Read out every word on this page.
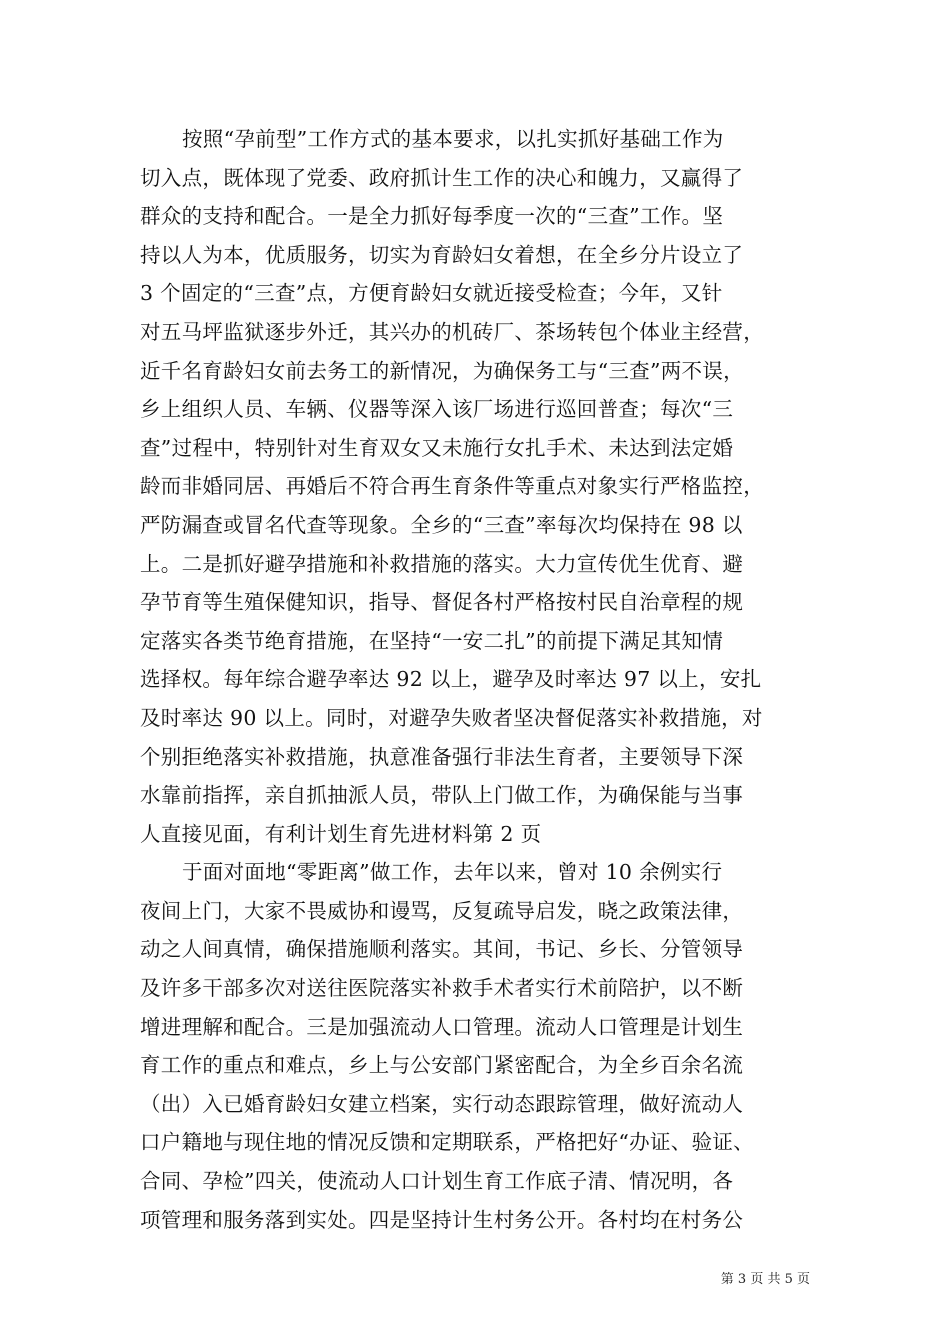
按照“孕前型”工作方式的基本要求，以扎实抓好基础工作为
切入点，既体现了党委、政府抓计生工作的决心和魄力，又赢得了
群众的支持和配合。一是全力抓好每季度一次的“三查”工作。坚
持以人为本，优质服务，切实为育龄妇女着想，在全乡分片设立了
3 个固定的“三查”点，方便育龄妇女就近接受检查；今年，又针
对五马坪监狱逐步外迁，其兴办的机砖厂、茶场转包个体业主经营，
近千名育龄妇女前去务工的新情况，为确保务工与“三查”两不误，
乡上组织人员、车辆、仪器等深入该厂场进行巡回普查；每次“三
查”过程中，特别针对生育双女又未施行女扎手术、未达到法定婚
龄而非婚同居、再婚后不符合再生育条件等重点对象实行严格监控，
严防漏查或冒名代查等现象。全乡的“三查”率每次均保持在 98 以
上。二是抓好避孕措施和补救措施的落实。大力宣传优生优育、避
孕节育等生殖保健知识，指导、督促各村严格按村民自治章程的规
定落实各类节绝育措施，在坚持“一安二扎”的前提下满足其知情
选择权。每年综合避孕率达 92 以上，避孕及时率达 97 以上，安扎
及时率达 90 以上。同时，对避孕失败者坚决督促落实补救措施，对
个别拒绝落实补救措施，执意准备强行非法生育者，主要领导下深
水靠前指挥，亲自抓抽派人员，带队上门做工作，为确保能与当事
人直接见面，有利计划生育先进材料第 2 页
于面对面地“零距离”做工作，去年以来，曾对 10 余例实行
夜间上门，大家不畏威协和谩骂，反复疏导启发，晓之政策法律，
动之人间真情，确保措施顺利落实。其间，书记、乡长、分管领导
及许多干部多次对送往医院落实补救手术者实行术前陪护，以不断
增进理解和配合。三是加强流动人口管理。流动人口管理是计划生
育工作的重点和难点，乡上与公安部门紧密配合，为全乡百余名流
（出）入已婚育龄妇女建立档案，实行动态跟踪管理，做好流动人
口户籍地与现住地的情况反馈和定期联系，严格把好“办证、验证、
合同、孕检”四关，使流动人口计划生育工作底子清、情况明，各
项管理和服务落到实处。四是坚持计生村务公开。各村均在村务公
第 3 页 共 5 页
